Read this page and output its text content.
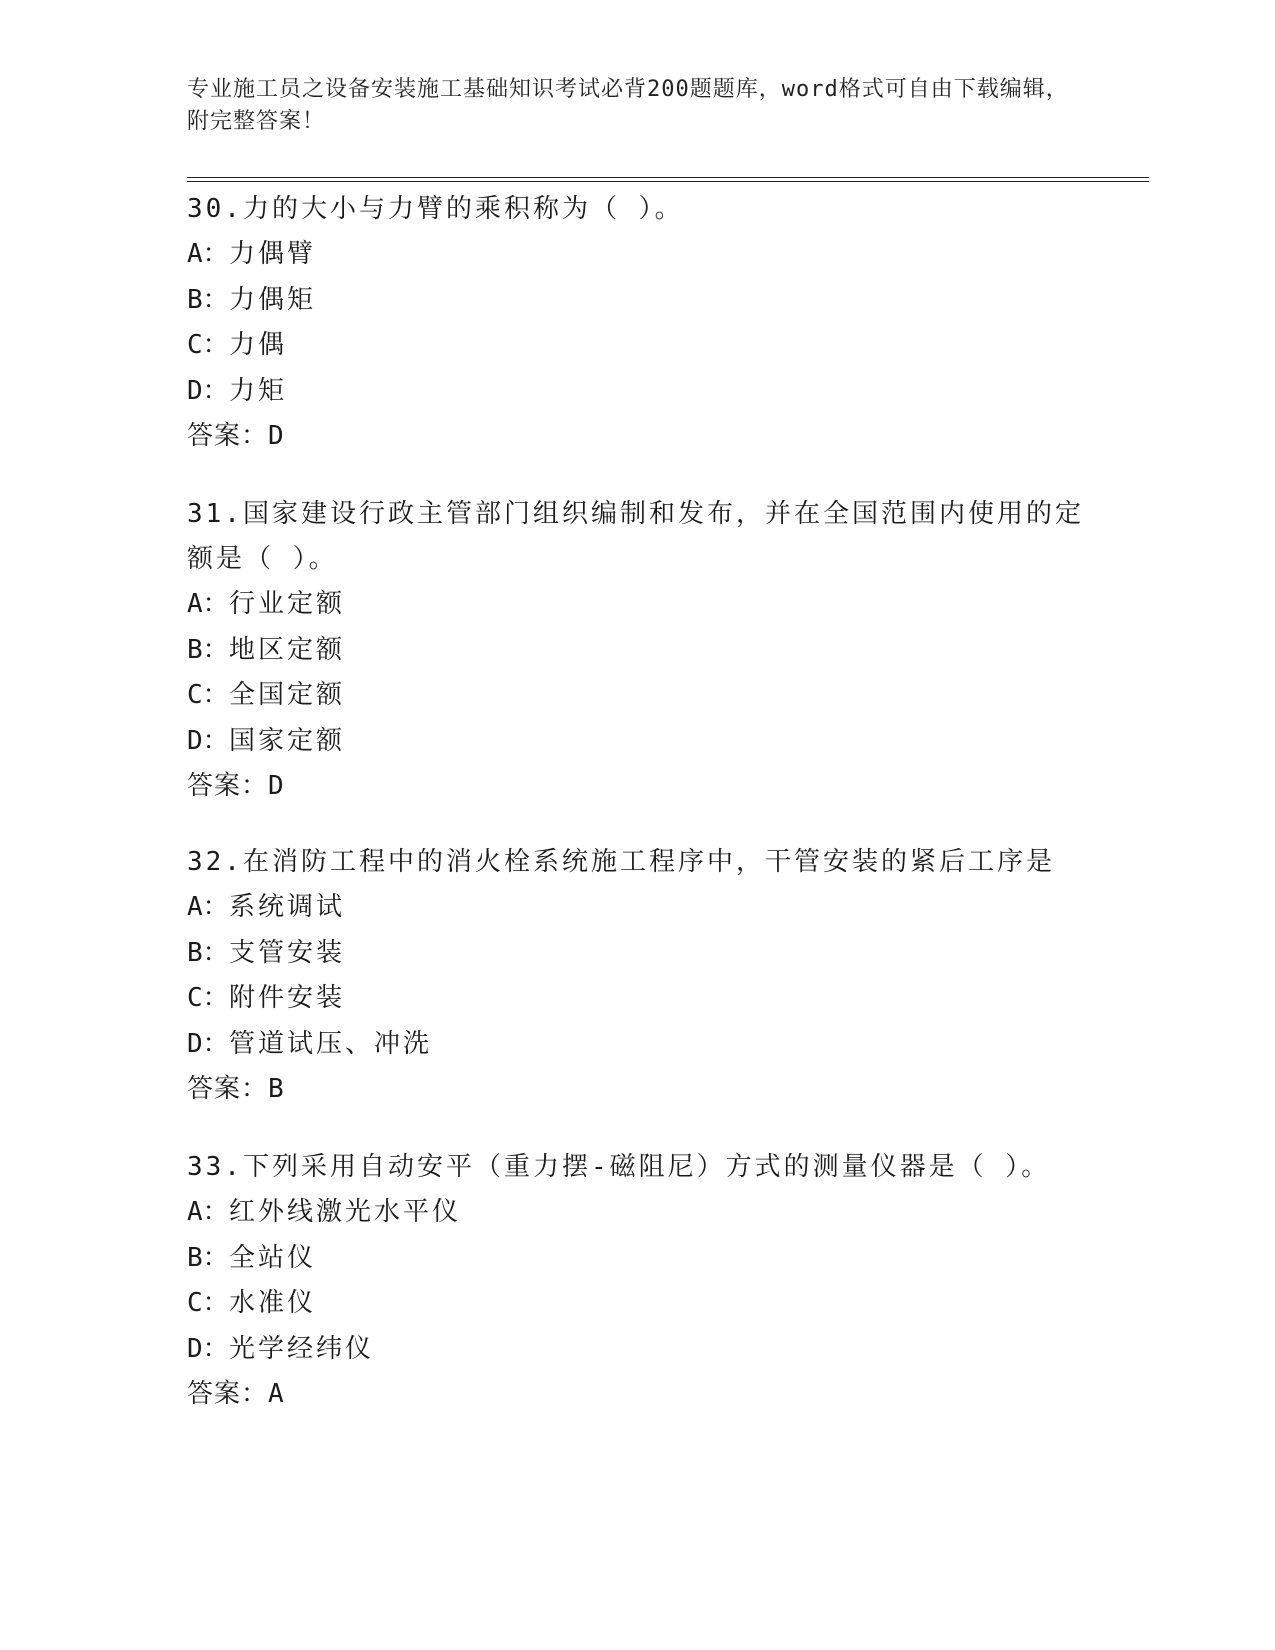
专业施工员之设备安装施工基础知识考试必背200题题库，word格式可自由下载编辑，附完整答案！

30.力的大小与力臂的乘积称为（ ）。

A：力偶臂

B：力偶矩

C：力偶

D：力矩

答案：D

31.国家建设行政主管部门组织编制和发布，并在全国范围内使用的定额是（ ）。

A：行业定额

B：地区定额

C：全国定额

D：国家定额

答案：D

32.在消防工程中的消火栓系统施工程序中，干管安装的紧后工序是

A：系统调试

B：支管安装

C：附件安装

D：管道试压、冲洗

答案：B

33.下列采用自动安平（重力摆-磁阻尼）方式的测量仪器是（ ）。

A：红外线激光水平仪

B：全站仪

C：水准仪

D：光学经纬仪

答案：A
